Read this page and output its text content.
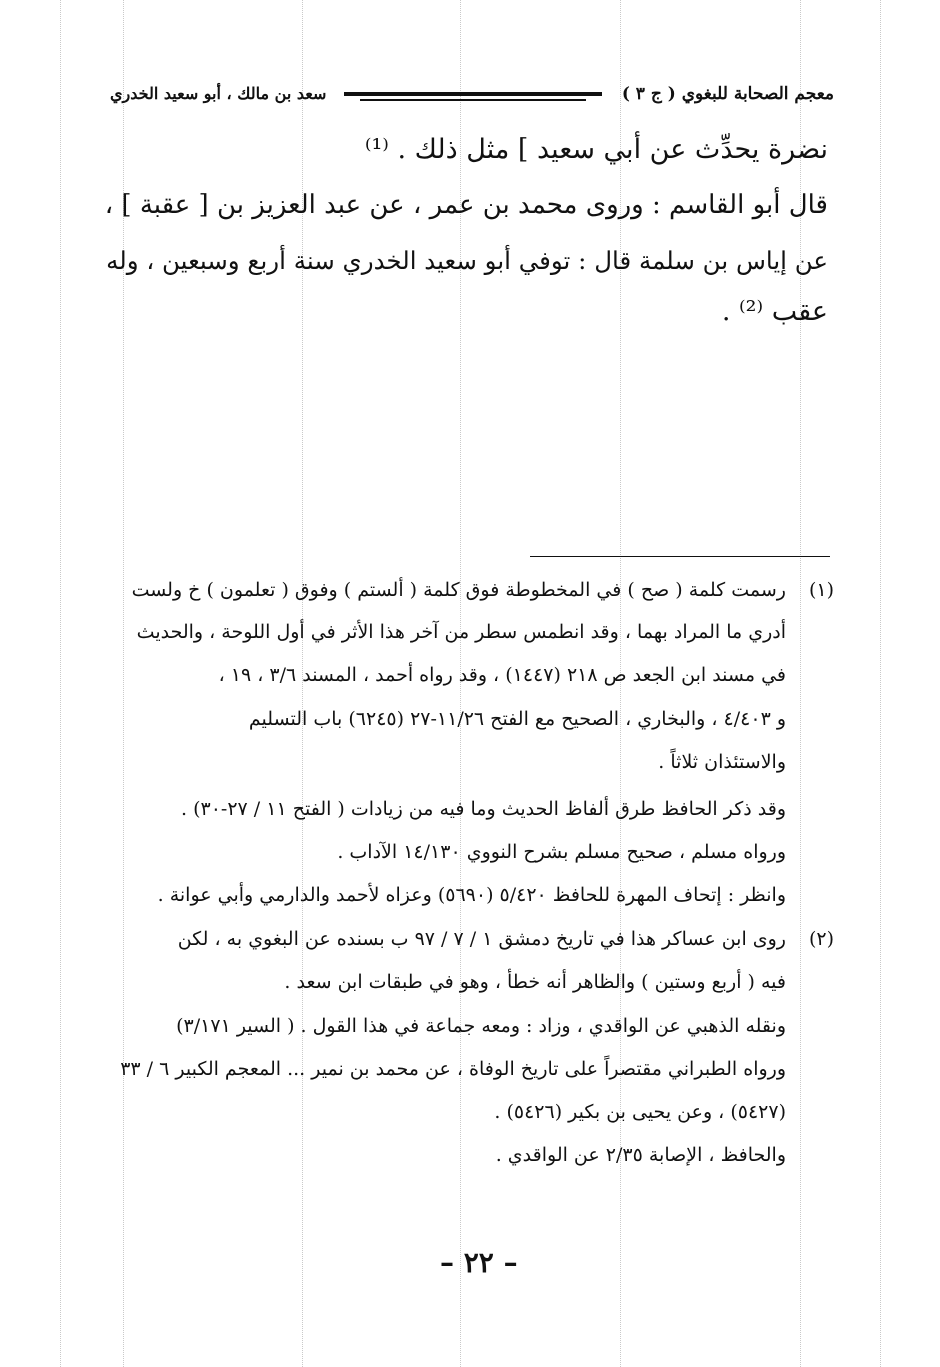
معجم الصحابة للبغوي ( ج ٣ )
سعد بن مالك ، أبو سعيد الخدري
نضرة يحدِّث عن أبي سعيد ] مثل ذلك . ⁽¹⁾
قال أبو القاسم : وروى محمد بن عمر ، عن عبد العزيز بن [ عقبة ] ،
عن إياس بن سلمة قال : توفي أبو سعيد الخدري سنة أربع وسبعين ، وله
عقب ⁽²⁾ .
(١)
رسمت كلمة ( صح ) في المخطوطة فوق كلمة ( ألستم ) وفوق ( تعلمون ) خ ولست
أدري ما المراد بهما ، وقد انطمس سطر من آخر هذا الأثر في أول اللوحة ، والحديث
في مسند ابن الجعد ص ٢١٨ (١٤٤٧) ، وقد رواه أحمد ، المسند ٣/٦ ، ١٩ ،
و ٤/٤٠٣ ، والبخاري ، الصحيح مع الفتح ١١/٢٦-٢٧ (٦٢٤٥) باب التسليم
والاستئذان ثلاثاً .
وقد ذكر الحافظ طرق ألفاظ الحديث وما فيه من زيادات ( الفتح ١١ / ٢٧-٣٠) .
ورواه مسلم ، صحيح مسلم بشرح النووي ١٤/١٣٠ الآداب .
وانظر : إتحاف المهرة للحافظ ٥/٤٢٠ (٥٦٩٠) وعزاه لأحمد والدارمي وأبي عوانة .
(٢)
روى ابن عساكر هذا في تاريخ دمشق ١ / ٧ / ٩٧ ب بسنده عن البغوي به ، لكن
فيه ( أربع وستين ) والظاهر أنه خطأ ، وهو في طبقات ابن سعد .
ونقله الذهبي عن الواقدي ، وزاد : ومعه جماعة في هذا القول . ( السير ٣/١٧١)
ورواه الطبراني مقتصراً على تاريخ الوفاة ، عن محمد بن نمير ... المعجم الكبير ٦ / ٣٣
(٥٤٢٧) ، وعن يحيى بن بكير (٥٤٢٦) .
والحافظ ، الإصابة ٢/٣٥ عن الواقدي .
– ٢٢ –
